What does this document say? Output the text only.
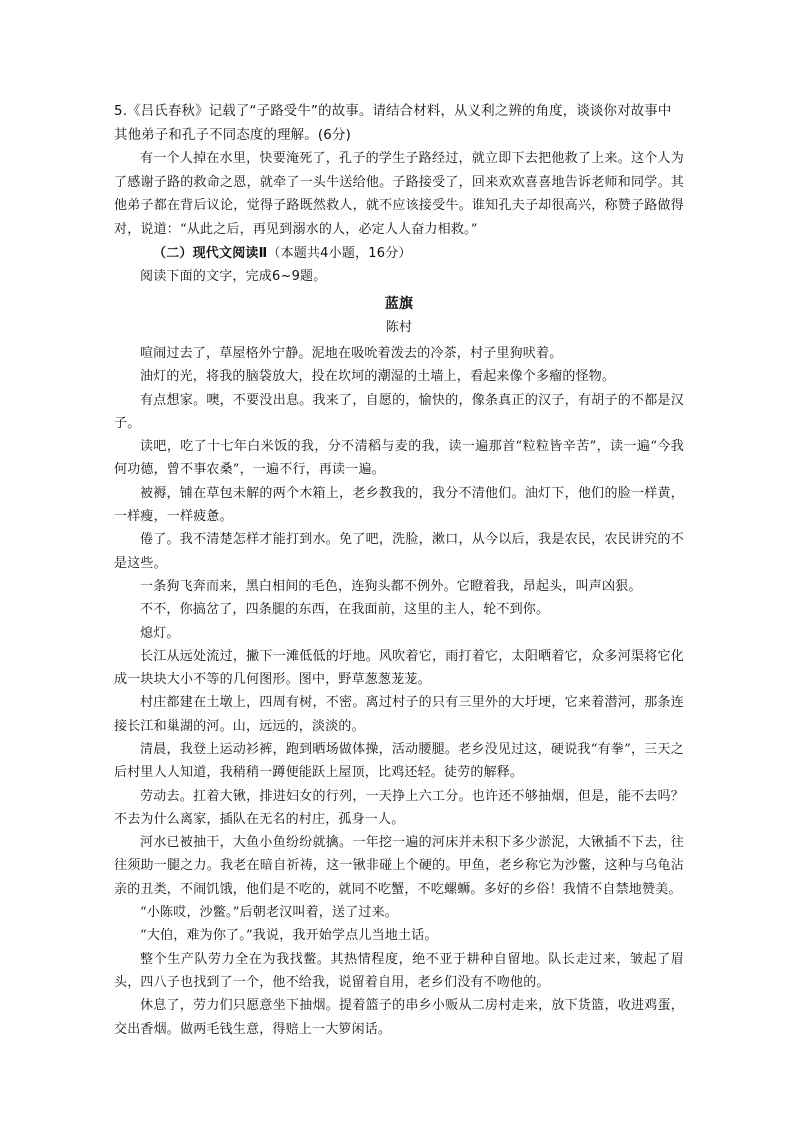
5.《吕氏春秋》记载了“子路受牛”的故事。请结合材料，从义利之辨的角度，谈谈你对故事中其他弟子和孔子不同态度的理解。(6分)

有一个人掉在水里，快要淹死了，孔子的学生子路经过，就立即下去把他救了上来。这个人为了感谢子路的救命之恩，就牵了一头牛送给他。子路接受了，回来欢欢喜喜地告诉老师和同学。其他弟子都在背后议论，觉得子路既然救人，就不应该接受牛。谁知孔夫子却很高兴，称赞子路做得对，说道：“从此之后，再见到溺水的人，必定人人奋力相救。”

（二）现代文阅读Ⅱ（本题共4小题，16分）
阅读下面的文字，完成6~9题。

蓝旗

陈村

喧闹过去了，草屋格外宁静。泥地在吸吮着泼去的冷茶，村子里狗吠着。

油灯的光，将我的脑袋放大，投在坎坷的潮湿的土墙上，看起来像个多瘤的怪物。

有点想家。噢，不要没出息。我来了，自愿的，愉快的，像条真正的汉子，有胡子的不都是汉子。

读吧，吃了十七年白米饭的我，分不清稻与麦的我，读一遍那首“粒粒皆辛苦”，读一遍“今我何功德，曾不事农桑”，一遍不行，再读一遍。

被褥，铺在草包未解的两个木箱上，老乡教我的，我分不清他们。油灯下，他们的脸一样黄，一样瘦，一样疲惫。

倦了。我不清楚怎样才能打到水。免了吧，洗脸，漱口，从今以后，我是农民，农民讲究的不是这些。

一条狗飞奔而来，黑白相间的毛色，连狗头都不例外。它瞪着我，昂起头，叫声凶狠。

不不，你搞岔了，四条腿的东西，在我面前，这里的主人，轮不到你。

熄灯。

长江从远处流过，撇下一滩低低的圩地。风吹着它，雨打着它，太阳晒着它，众多河渠将它化成一块块大小不等的几何图形。图中，野草葱葱茏茏。

村庄都建在土墩上，四周有树，不密。离过村子的只有三里外的大圩埂，它来着潜河，那条连接长江和巢湖的河。山，远远的，淡淡的。

清晨，我登上运动衫裤，跑到晒场做体操，活动腰腿。老乡没见过这，硬说我“有拳”，三天之后村里人人知道，我稍稍一蹲便能跃上屋顶，比鸡还轻。徒劳的解释。

劳动去。扛着大锹，排进妇女的行列，一天挣上六工分。也许还不够抽烟，但是，能不去吗？不去为什么离家，插队在无名的村庄，孤身一人。

河水已被抽干，大鱼小鱼纷纷就擒。一年挖一遍的河床并未积下多少淤泥，大锹插不下去，往往须助一腿之力。我老在暗自祈祷，这一锹非碰上个硬的。甲鱼，老乡称它为沙鳖，这种与乌龟沾亲的丑类，不闹饥饿，他们是不吃的，就同不吃蟹，不吃螺蛳。多好的乡俗！我情不自禁地赞美。

“小陈哎，沙鳖。”后朝老汉叫着，送了过来。

“大伯，难为你了。”我说，我开始学点儿当地土话。

整个生产队劳力全在为我找鳖。其热情程度，绝不亚于耕种自留地。队长走过来，皱起了眉头，四八子也找到了一个，他不给我，说留着自用，老乡们没有不吻他的。

休息了，劳力们只愿意坐下抽烟。提着篮子的串乡小贩从二房村走来，放下货篮，收进鸡蛋，交出香烟。做两毛钱生意，得赔上一大箩闲话。
